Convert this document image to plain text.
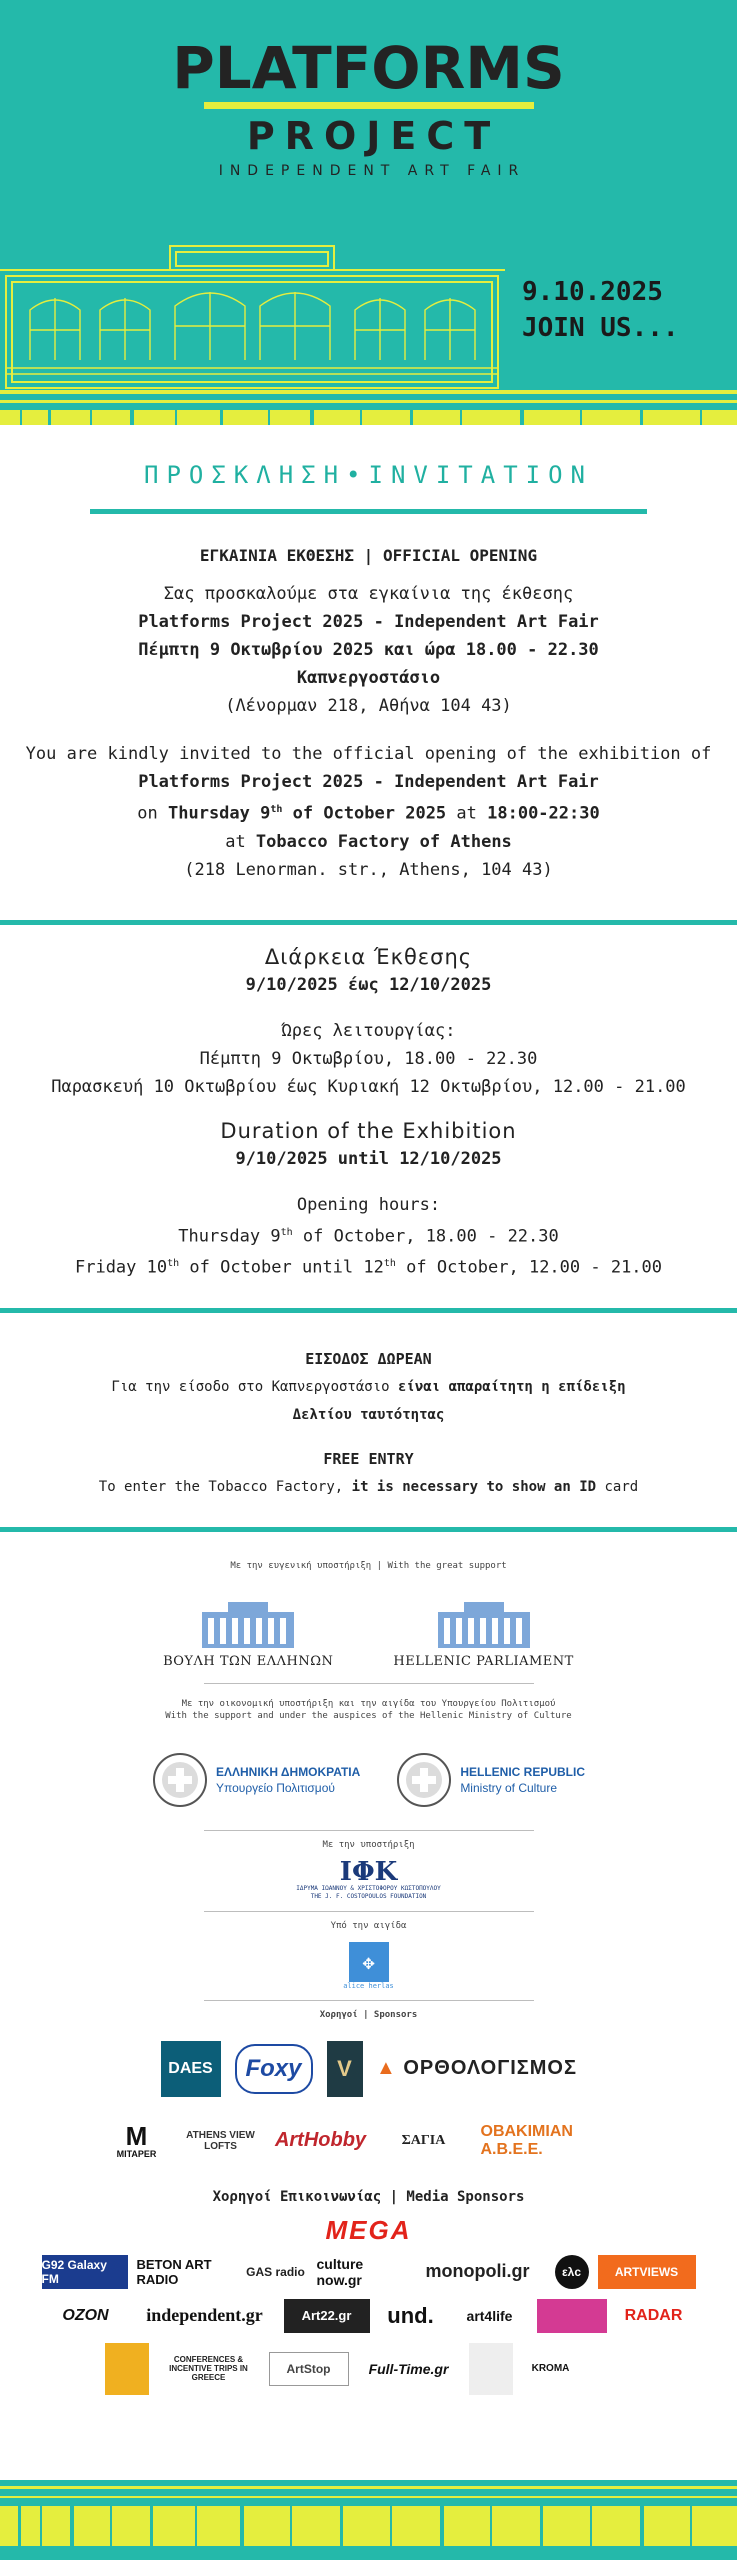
PLATFORMS
PROJECT
INDEPENDENT ART FAIR
9.10.2025
JOIN US...
ΠΡΟΣΚΛΗΣΗ•INVITATION
ΕΓΚΑΙΝΙΑ ΕΚΘΕΣΗΣ | OFFICIAL OPENING
Σας προσκαλούμε στα εγκαίνια της έκθεσης
Platforms Project 2025 - Independent Art Fair
Πέμπτη 9 Οκτωβρίου 2025 και ώρα 18.00 - 22.30
Καπνεργοστάσιο
(Λένορμαν 218, Αθήνα 104 43)
You are kindly invited to the official opening of the exhibition of
Platforms Project 2025 - Independent Art Fair
on Thursday 9th of October 2025 at 18:00-22:30
at Tobacco Factory of Athens
(218 Lenorman. str., Athens, 104 43)
Διάρκεια Έκθεσης
9/10/2025 έως 12/10/2025
Ώρες λειτουργίας:
Πέμπτη 9 Οκτωβρίου, 18.00 - 22.30
Παρασκευή 10 Οκτωβρίου έως Κυριακή 12 Οκτωβρίου, 12.00 - 21.00
Duration of the Exhibition
9/10/2025 until 12/10/2025
Opening hours:
Thursday 9th of October, 18.00 - 22.30
Friday 10th of October until 12th of October, 12.00 - 21.00
ΕΙΣΟΔΟΣ ΔΩΡΕΑΝ
Για την είσοδο στο Καπνεργοστάσιο είναι απαραίτητη η επίδειξη
Δελτίου ταυτότητας
FREE ENTRY
To enter the Tobacco Factory, it is necessary to show an ID card
Με την ευγενική υποστήριξη | With the great support
ΒΟΥΛΗ ΤΩΝ ΕΛΛΗΝΩΝ	HELLENIC PARLIAMENT
Με την οικονομική υποστήριξη και την αιγίδα του Υπουργείου Πολιτισμού
With the support and under the auspices of the Hellenic Ministry of Culture
ΕΛΛΗΝΙΚΗ ΔΗΜΟΚΡΑΤΙΑ
Υπουργείο Πολιτισμού
HELLENIC REPUBLIC
Ministry of Culture
Με την υποστήριξη
IΦK
ΙΔΡΥΜΑ ΙΩΑΝΝΟΥ & ΧΡΙΣΤΟΦΟΡΟΥ ΚΩΣΤΟΠΟΥΛΟΥ
THE J. F. COSTOPOULOS FOUNDATION
Υπό την αιγίδα
✥
alice herlas
Χορηγοί | Sponsors
DAES	Foxy	V	▲
ΟΡΘΟΛΟΓΙΣΜΟΣ
M
MITAPER
ATHENS VIEW LOFTS	ArtHobby	ΣΑΓΙΑ
OBAKIMIAN A.B.E.E.
Χορηγοί Επικοινωνίας | Media Sponsors
MEGA
G92 Galaxy FM
BETON ART RADIO	GAS radio culture now.gr	monopoli.gr	ελc	ARTVIEWS
OZON	independent.gr	Art22.gr	und.	art4life	RADAR
CONFERENCES & INCENTIVE TRIPS IN GREECE
ArtStop	Full-Time.gr	KROMA
